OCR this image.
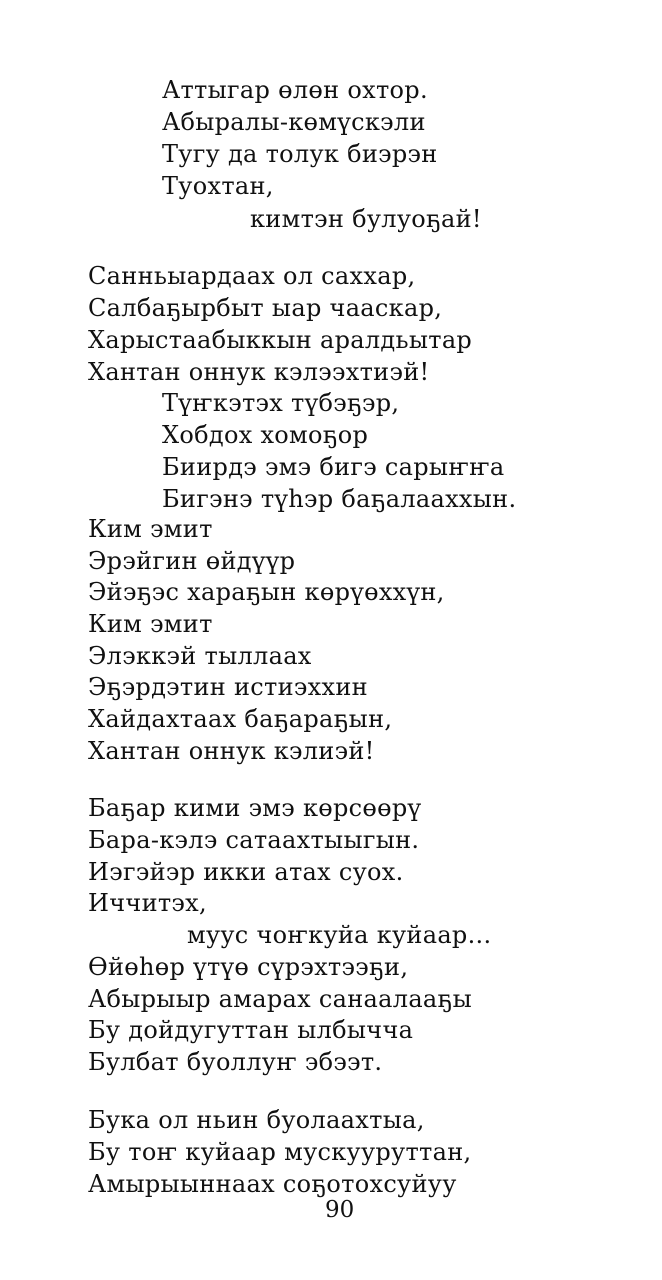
Аттыгар өлөн охтор.
Абыралы-көмүскэли
Тугу да толук биэрэн
Туохтан,
кимтэн булуоҕай!
Санньыардаах ол саххар,
Салбаҕырбыт ыар чаaскар,
Харыстаабыккын аралдьытар
Хантан оннук кэлээхтиэй!
Түҥкэтэх түбэҕэр,
Хобдох хомоҕор
Биирдэ эмэ бигэ сарыҥҥа
Бигэнэ түһэр баҕалааххын.
Ким эмит
Эрэйгин өйдүүр
Эйэҕэс хараҕын көрүөххүн,
Ким эмит
Элэккэй тыллаах
Эҕэрдэтин истиэххин
Хайдахтаах баҕараҕын,
Хантан оннук кэлиэй!
Баҕар кими эмэ көрсөөрү
Бара-кэлэ сатаахтыыгын.
Иэгэйэр икки атах суох.
Иччитэх,
муус чоҥкуйа куйаар...
Өйөһөр үтүө сүрэхтээҕи,
Абырыыр амарах санаалааҕы
Бу дойдугуттан ылбычча
Булбат буоллуҥ эбээт.
Бука ол ньин буолаахтыа,
Бу тоҥ куйаар мускууруттан,
Амырыыннаах соҕотохсуйуу
90
